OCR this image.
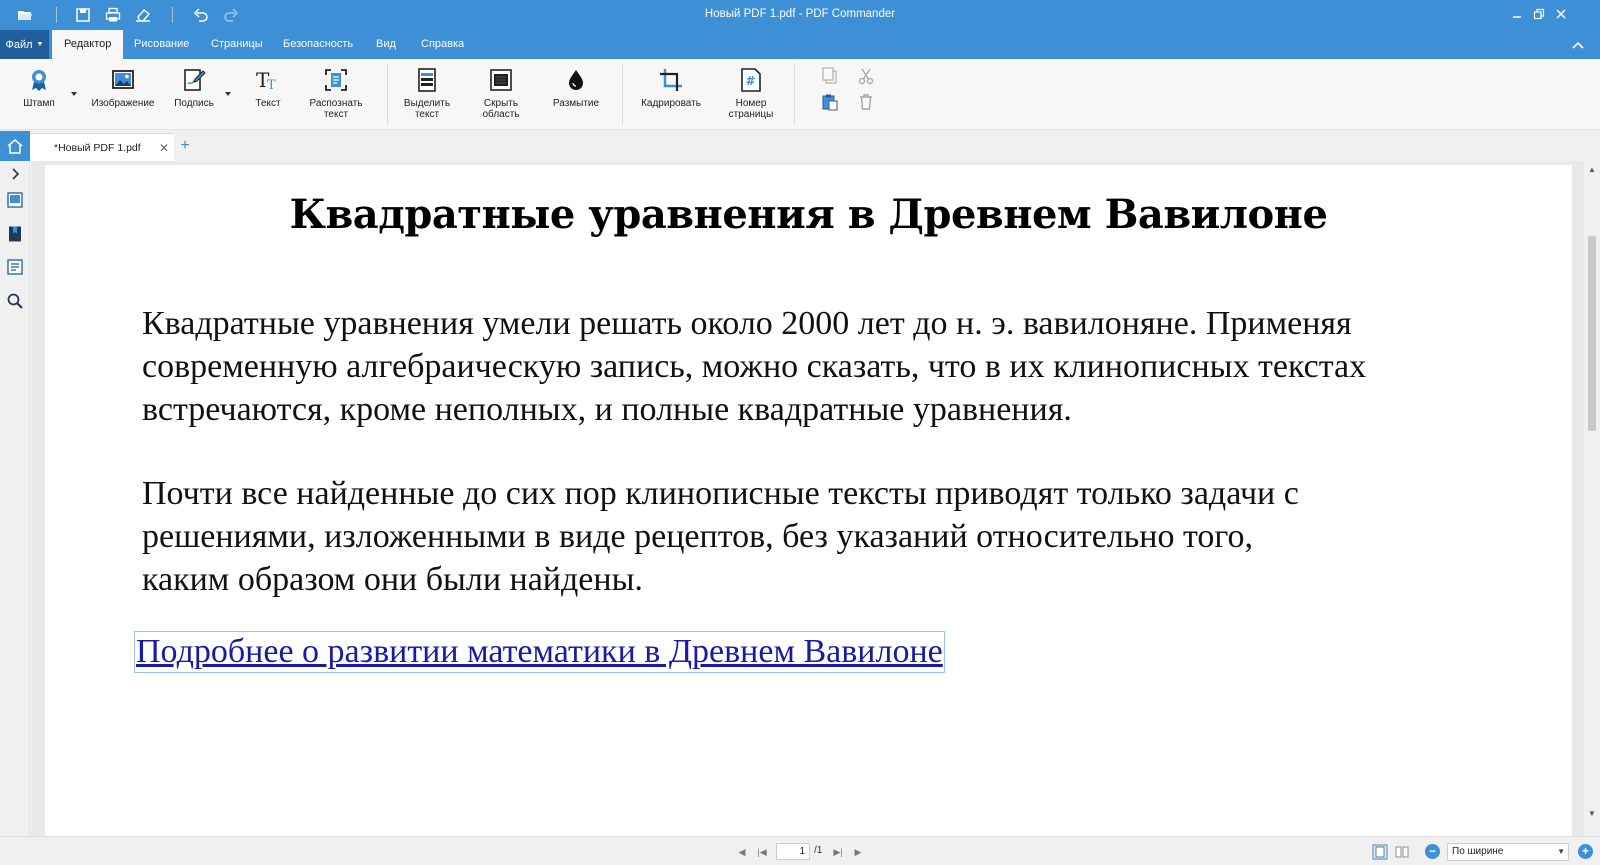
Новый PDF 1.pdf - PDF Commander
Файл ▼	Редактор	Рисование	Страницы	Безопасность	Вид	Справка
Штамп	Изображение Подпись
T
T
Текст	Распознать
текст
Выделить
текст
Скрыть
область
Размытие	Кадрировать
#
Номер
страницы
*Новый PDF 1.pdf ✕ +
Квадратные уравнения в Древнем Вавилоне
Квадратные уравнения умели решать около 2000 лет до н. э. вавилоняне. Применяя современную алгебраическую запись, можно сказать, что в их клинописных текстах встречаются, кроме неполных, и полные квадратные уравнения.
Почти все найденные до сих пор клинописные тексты приводят только задачи с решениями, изложенными в виде рецептов, без указаний относительно того, каким образом они были найдены.
Подробнее о развитии математики в Древнем Вавилоне
▲
▼
◀ |◀	1 /1 ▶| ▶	−	По ширине	▼	+
